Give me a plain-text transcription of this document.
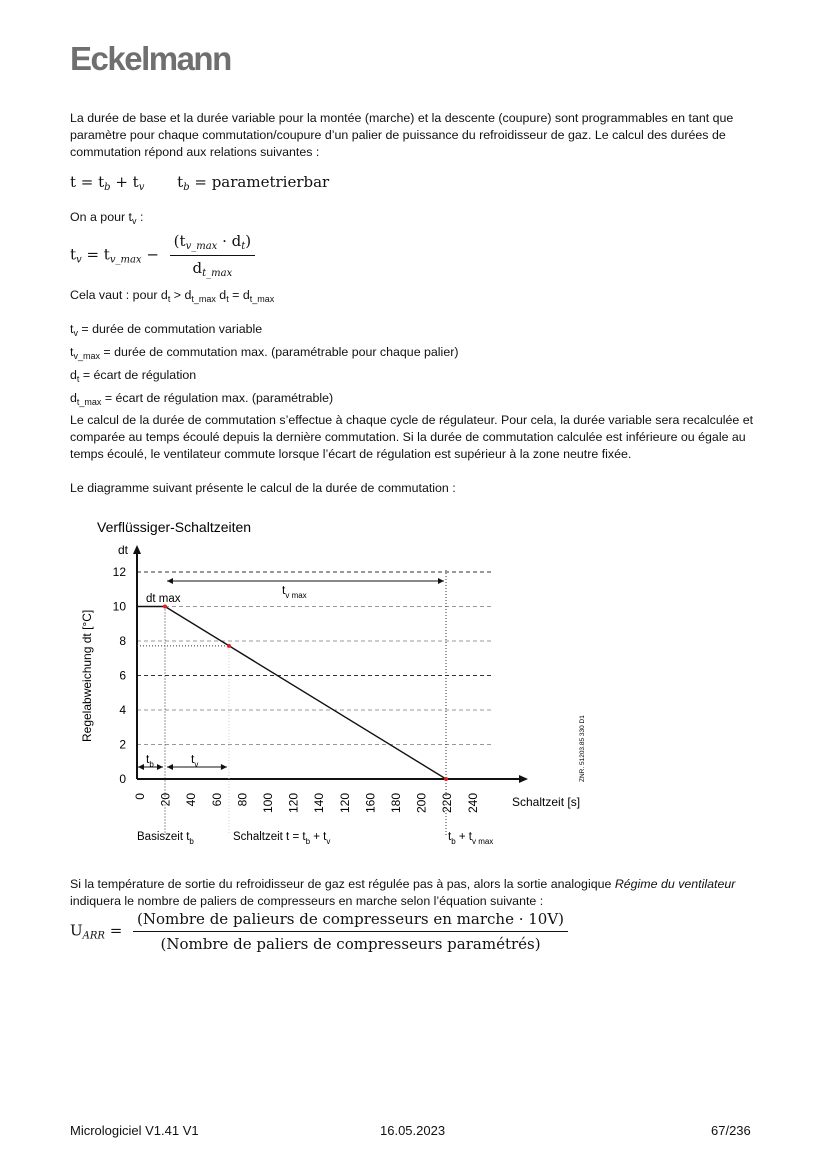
Eckelmann
La durée de base et la durée variable pour la montée (marche) et la descente (coupure) sont programmables en tant que paramètre pour chaque commutation/coupure d’un palier de puissance du refroidisseur de gaz. Le calcul des durées de commutation répond aux relations suivantes :
$t = t_b + t_v$ $t_b$ = parametrierbar
On a pour $t_v$ :
$t_v = t_{v\_max} - \frac{(t_{v\_max} \cdot d_t)}{d_{t\_max}}$
Cela vaut : pour $d_t > d_{t\_max}$ $d_t = d_{t\_max}$
$t_v$ = durée de commutation variable
$t_{v\_max}$ = durée de commutation max. (paramétrable pour chaque palier)
$d_t$ = écart de régulation
$d_{t\_max}$ = écart de régulation max. (paramétrable)
Le calcul de la durée de commutation s’effectue à chaque cycle de régulateur. Pour cela, la durée variable sera recalculée et comparée au temps écoulé depuis la dernière commutation. Si la durée de commutation calculée est inférieure ou égale au temps écoulé, le ventilateur commute lorsque l’écart de régulation est supérieur à la zone neutre fixée.
Le diagramme suivant présente le calcul de la durée de commutation :
Verflüssiger-Schaltzeiten
dt
Regelabweichung dt [°C]
Schaltzeit [s]
ZNR. 51203.85 330 D1
0
2
4
6
8
10
12
0 20 40 60 80 100 120 140 120 160 180 200 220 240
dt max
$t_{v max}$
$t_b$	$t_v$
Basiszeit $t_b$	Schaltzeit $t = t_b + t_v$	$t_b + t_{v max}$
Si la température de sortie du refroidisseur de gaz est régulée pas à pas, alors la sortie analogique Régime du ventilateur indiquera le nombre de paliers de compresseurs en marche selon l’équation suivante :
$U_{ARR} = \frac{\text{(Nombre de palieurs de compresseurs en marche · 10V)}}{\text{(Nombre de paliers de compresseurs paramétrés)}}$
Micrologiciel V1.41 V1	16.05.2023	67/236
